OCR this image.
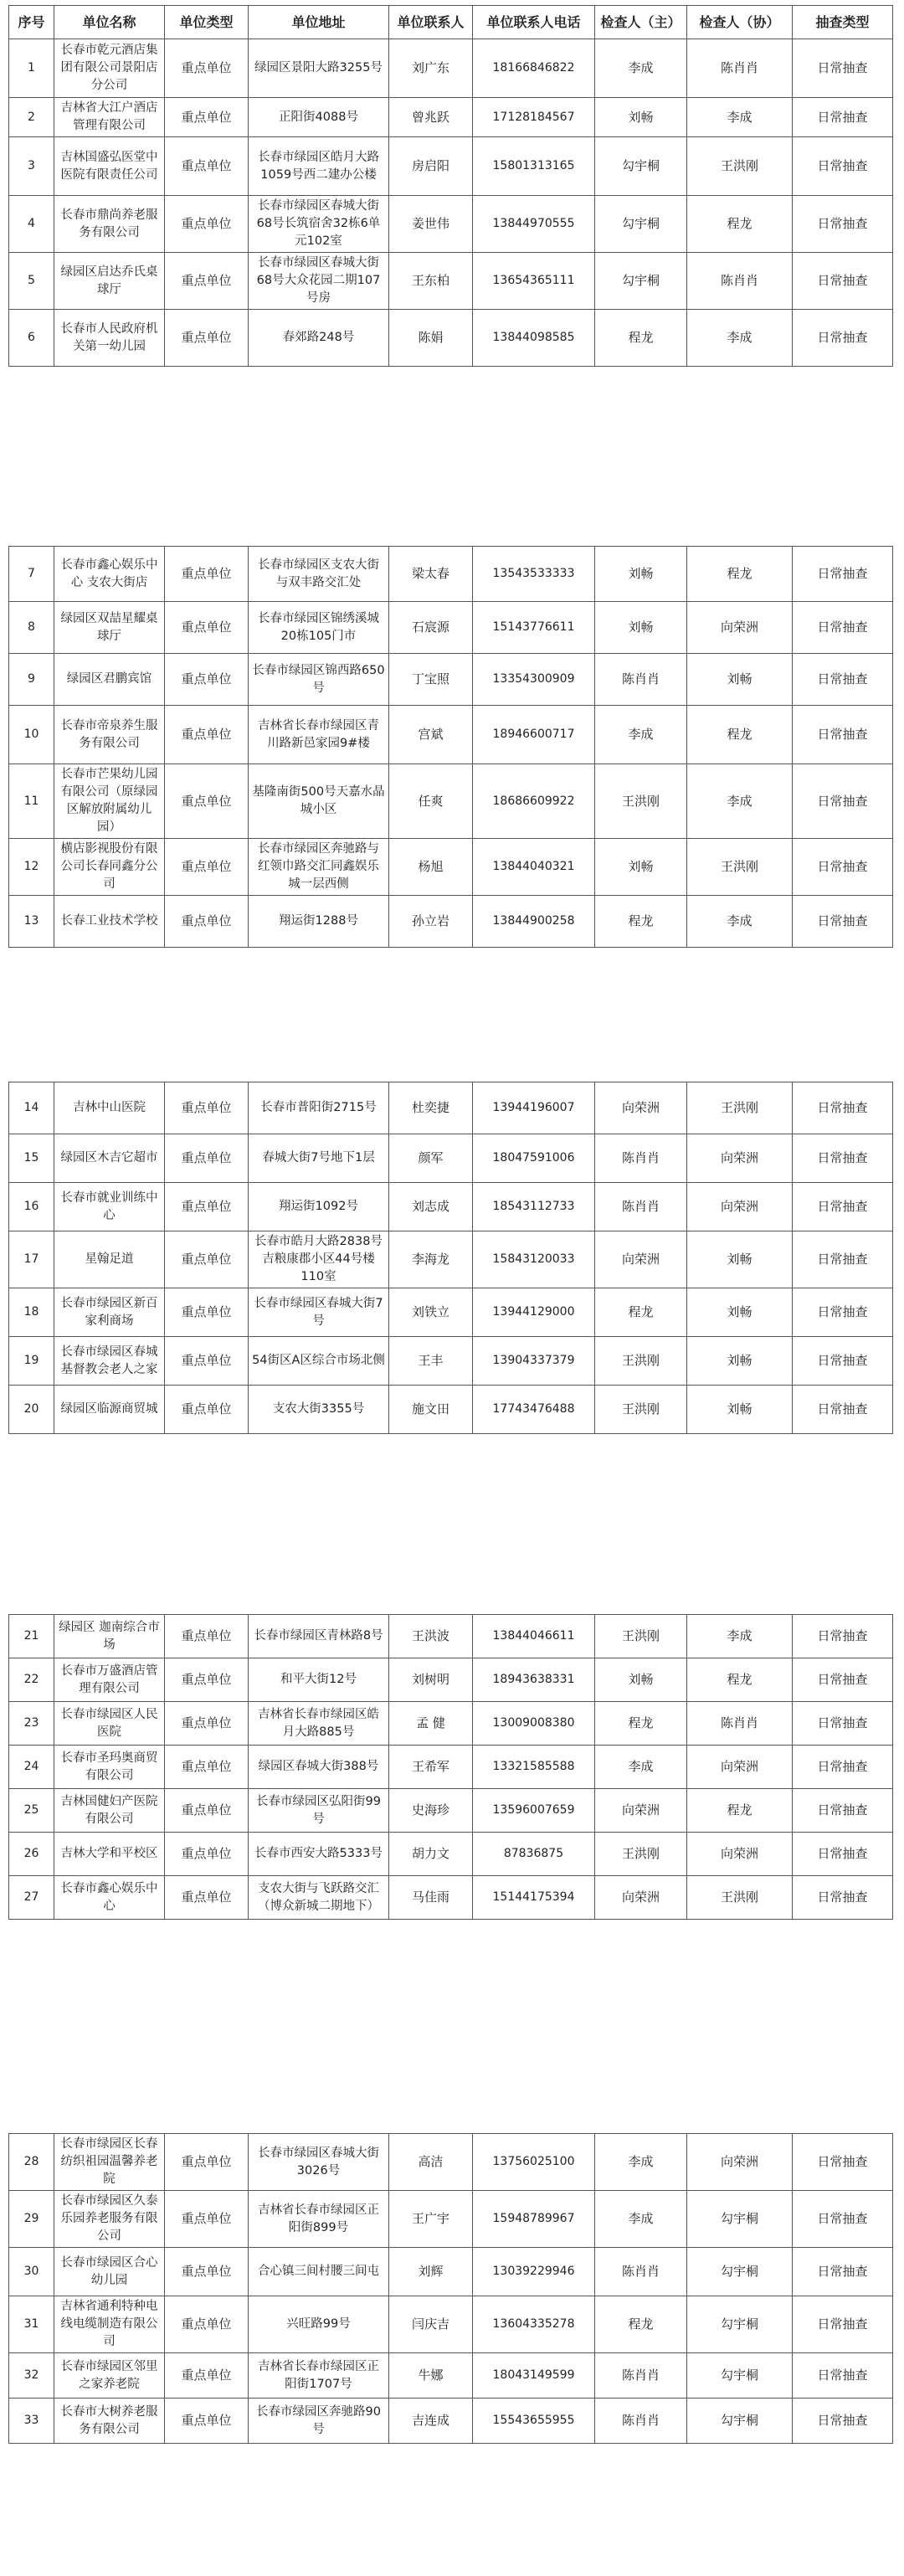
序号	单位名称	单位类型	单位地址	单位联系人	单位联系人电话	检查人（主）	检查人（协）	抽查类型
1	长春市乾元酒店集团有限公司景阳店分公司	重点单位	绿园区景阳大路3255号	刘广东	18166846822	李成	陈肖肖	日常抽查
2	吉林省大江户酒店管理有限公司	重点单位	正阳街4088号	曾兆跃	17128184567	刘畅	李成	日常抽查
3	吉林国盛弘医堂中医院有限责任公司	重点单位	长春市绿园区皓月大路1059号西二建办公楼	房启阳	15801313165	勾宇桐	王洪刚	日常抽查
4	长春市鼎尚养老服务有限公司	重点单位	长春市绿园区春城大街68号长筑宿舍32栋6单元102室	姜世伟	13844970555	勾宇桐	程龙	日常抽查
5	绿园区启达乔氏桌球厅	重点单位	长春市绿园区春城大街68号大众花园二期107号房	王东柏	13654365111	勾宇桐	陈肖肖	日常抽查
6	长春市人民政府机关第一幼儿园	重点单位	春郊路248号	陈娟	13844098585	程龙	李成	日常抽查
7	长春市鑫心娱乐中心 支农大街店	重点单位	长春市绿园区支农大街与双丰路交汇处	梁太春	13543533333	刘畅	程龙	日常抽查
8	绿园区双喆星耀桌球厅	重点单位	长春市绿园区锦绣溪城20栋105门市	石宸源	15143776611	刘畅	向荣洲	日常抽查
9	绿园区君鹏宾馆	重点单位	长春市绿园区锦西路650号	丁宝照	13354300909	陈肖肖	刘畅	日常抽查
10	长春市帝泉养生服务有限公司	重点单位	吉林省长春市绿园区青川路新邑家园9#楼	宫斌	18946600717	李成	程龙	日常抽查
11	长春市芒果幼儿园有限公司（原绿园区解放附属幼儿园）	重点单位	基隆南街500号天嘉水晶城小区	任爽	18686609922	王洪刚	李成	日常抽查
12	横店影视股份有限公司长春同鑫分公司	重点单位	长春市绿园区奔驰路与红领巾路交汇同鑫娱乐城一层西侧	杨旭	13844040321	刘畅	王洪刚	日常抽查
13	长春工业技术学校	重点单位	翔运街1288号	孙立岩	13844900258	程龙	李成	日常抽查
14	吉林中山医院	重点单位	长春市普阳街2715号	杜奕捷	13944196007	向荣洲	王洪刚	日常抽查
15	绿园区木吉它超市	重点单位	春城大街7号地下1层	颜军	18047591006	陈肖肖	向荣洲	日常抽查
16	长春市就业训练中心	重点单位	翔运街1092号	刘志成	18543112733	陈肖肖	向荣洲	日常抽查
17	星翰足道	重点单位	长春市皓月大路2838号吉粮康郡小区44号楼110室	李海龙	15843120033	向荣洲	刘畅	日常抽查
18	长春市绿园区新百家利商场	重点单位	长春市绿园区春城大街7号	刘铁立	13944129000	程龙	刘畅	日常抽查
19	长春市绿园区春城基督教会老人之家	重点单位	54街区A区综合市场北侧	王丰	13904337379	王洪刚	刘畅	日常抽查
20	绿园区临源商贸城	重点单位	支农大街3355号	施文田	17743476488	王洪刚	刘畅	日常抽查
21	绿园区 迦南综合市场	重点单位	长春市绿园区青林路8号	王洪波	13844046611	王洪刚	李成	日常抽查
22	长春市万盛酒店管理有限公司	重点单位	和平大街12号	刘树明	18943638331	刘畅	程龙	日常抽查
23	长春市绿园区人民医院	重点单位	吉林省长春市绿园区皓月大路885号	孟 健	13009008380	程龙	陈肖肖	日常抽查
24	长春市圣玛奥商贸有限公司	重点单位	绿园区春城大街388号	王希军	13321585588	李成	向荣洲	日常抽查
25	吉林国健妇产医院有限公司	重点单位	长春市绿园区弘阳街99号	史海珍	13596007659	向荣洲	程龙	日常抽查
26	吉林大学和平校区	重点单位	长春市西安大路5333号	胡力文	87836875	王洪刚	向荣洲	日常抽查
27	长春市鑫心娱乐中心	重点单位	支农大街与飞跃路交汇（博众新城二期地下）	马佳雨	15144175394	向荣洲	王洪刚	日常抽查
28	长春市绿园区长春纺织祖园温馨养老院	重点单位	长春市绿园区春城大街3026号	高洁	13756025100	李成	向荣洲	日常抽查
29	长春市绿园区久泰乐园养老服务有限公司	重点单位	吉林省长春市绿园区正阳街899号	王广宇	15948789967	李成	勾宇桐	日常抽查
30	长春市绿园区合心幼儿园	重点单位	合心镇三间村腰三间屯	刘辉	13039229946	陈肖肖	勾宇桐	日常抽查
31	吉林省通利特种电线电缆制造有限公司	重点单位	兴旺路99号	闫庆吉	13604335278	程龙	勾宇桐	日常抽查
32	长春市绿园区邻里之家养老院	重点单位	吉林省长春市绿园区正阳街1707号	牛娜	18043149599	陈肖肖	勾宇桐	日常抽查
33	长春市大树养老服务有限公司	重点单位	长春市绿园区奔驰路90号	吉连成	15543655955	陈肖肖	勾宇桐	日常抽查
